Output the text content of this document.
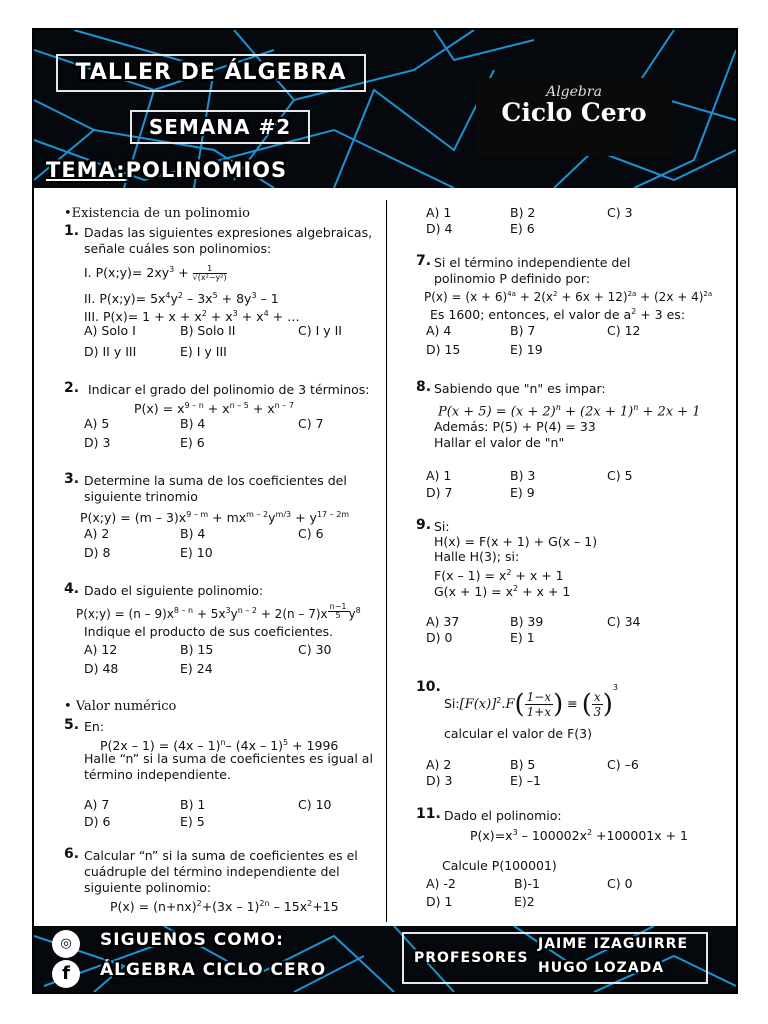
TALLER DE ÁLGEBRA
SEMANA #2
TEMA:POLINOMIOS
Algebra
Ciclo Cero
•Existencia de un polinomio
1. Dadas las siguientes expresiones algebraicas,
señale cuáles son polinomios:
I. P(x;y)= $2xy^3 + \frac{1}{\text{√(x²−y²)}}$
II. P(x;y)= $5x^4y^2 - 3x^5 + 8y^3 - 1$
III. $P(x)= 1 + x + x^2 + x^3 + x^4$ + …
A) Solo I	B) Solo II	C) I y II
D) II y III	E) I y III
2. Indicar el grado del polinomio de 3 términos:
$P(x) = x^{9 - n} + x^{n - 5} + x^{n - 7}$
A) 5	B) 4	C) 7
D) 3	E) 6
3. Determine la suma de los coeficientes del
siguiente trinomio
P(x;y) = $(m - 3)x^{9 - m} + mx^{m - 2}y^{m/3} + y^{17 - 2m}$
A) 2	B) 4	C) 6
D) 8	E) 10
4. Dado el siguiente polinomio:
P(x;y) = $(n - 9)x^{8 - n} + 5x^3y^{n - 2} + 2(n - 7)x \frac{n-1}{5} y^8$
Indique el producto de sus coeficientes.
A) 12	B) 15	C) 30
D) 48	E) 24
• Valor numérico
5. En:
P(2x – 1) = (4x – 1)$^n$– (4x – 1)$^5$ + 1996
Halle “n” si la suma de coeficientes es igual al
término independiente.
A) 7	B) 1	C) 10
D) 6	E) 5
6. Calcular “n” si la suma de coeficientes es el
cuádruple del término independiente del
siguiente polinomio:
$P(x) = (n+nx)^2+(3x - 1)^{2n} - 15x^2+15$
A) 1	B) 2	C) 3
D) 4	E) 6
7. Si el término independiente del
polinomio P definido por:
$P(x) = (x + 6)^{4a} + 2(x^2 + 6x + 12)^{2a} + (2x + 4)^{2a}$
Es 1600; entonces, el valor de $a^2 + 3$ es:
A) 4	B) 7	C) 12
D) 15	E) 19
8. Sabiendo que "n" es impar:
$P(x + 5) = (x + 2)^n + (2x + 1)^n + 2x + 1$
Además: P(5) + P(4) = 33
Hallar el valor de "n"
A) 1	B) 3	C) 5
D) 7	E) 9
9. Si:
H(x) = F(x + 1) + G(x – 1)
Halle H(3); si:
$F(x - 1) = x^2 + x + 1$
$G(x + 1) = x^2 + x + 1$
A) 37	B) 39	C) 34
D) 0	E) 1
10.
$Si:[F(x)]^2.F( \frac{1-x}{1+x}$ ) ≡ ( $\frac{x}{3} )^3$
calcular el valor de F(3)
A) 2	B) 5	C) –6
D) 3	E) –1
11. Dado el polinomio:
$P(x)=x^3 - 100002x^2 +100001x + 1$
Calcule P(100001)
A) -2	B)-1	C) 0
D) 1	E)2
◎
f
SIGUENOS COMO:
ÁLGEBRA CICLO CERO
PROFESORES
JAIME IZAGUIRRE
HUGO LOZADA
